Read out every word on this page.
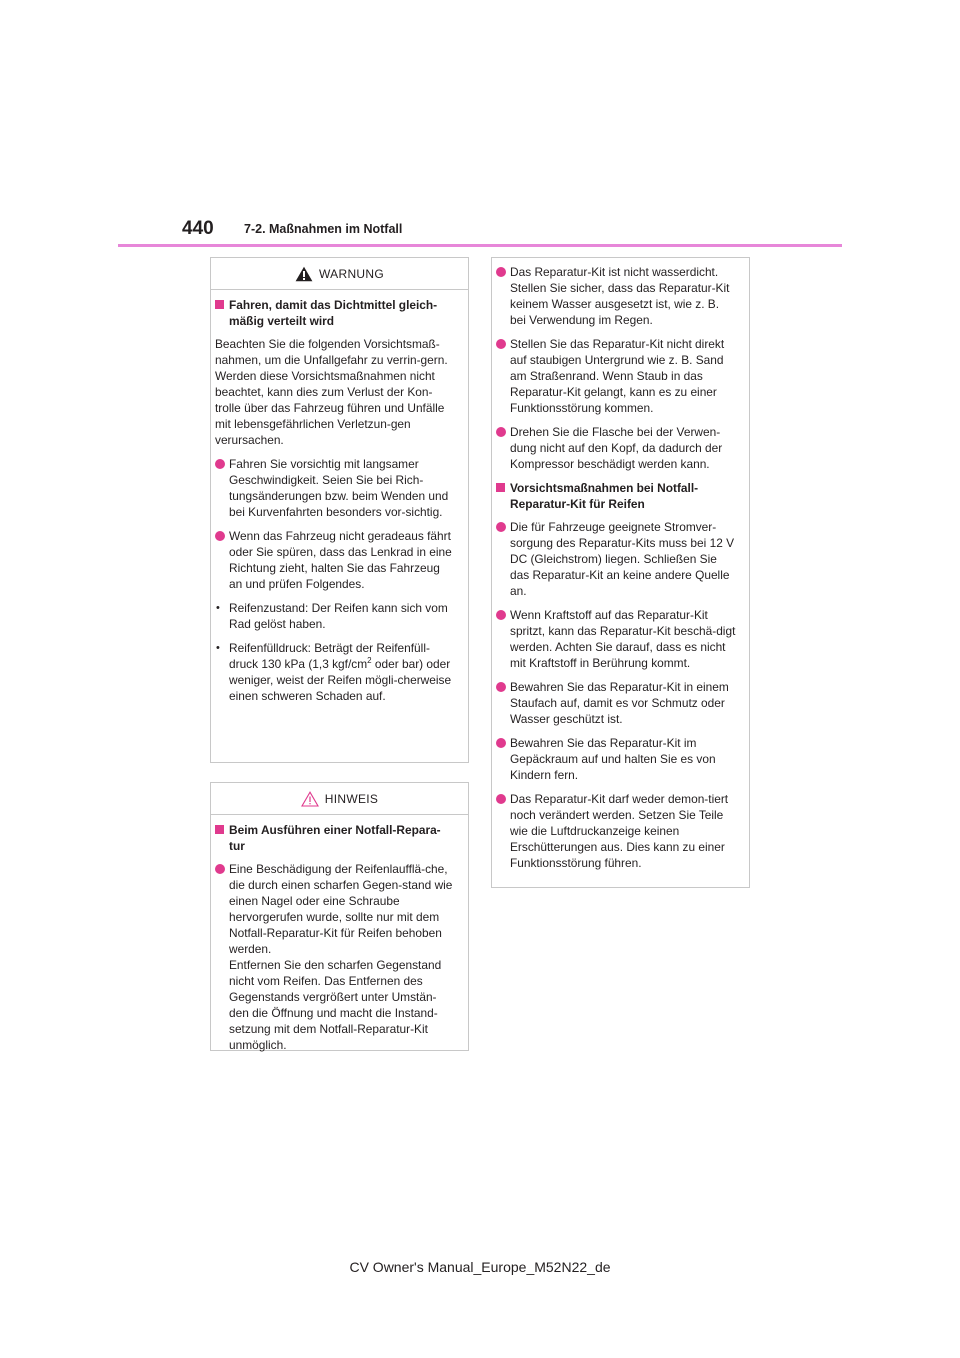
440 7-2. Maßnahmen im Notfall
WARNUNG
Fahren, damit das Dichtmittel gleich-mäßig verteilt wird
Beachten Sie die folgenden Vorsichtsmaß-nahmen, um die Unfallgefahr zu verrin-gern.
Werden diese Vorsichtsmaßnahmen nicht beachtet, kann dies zum Verlust der Kon-trolle über das Fahrzeug führen und Unfälle mit lebensgefährlichen Verletzun-gen verursachen.
Fahren Sie vorsichtig mit langsamer Geschwindigkeit. Seien Sie bei Rich-tungsänderungen bzw. beim Wenden und bei Kurvenfahrten besonders vor-sichtig.
Wenn das Fahrzeug nicht geradeaus fährt oder Sie spüren, dass das Lenkrad in eine Richtung zieht, halten Sie das Fahrzeug an und prüfen Folgendes.
• Reifenzustand: Der Reifen kann sich vom Rad gelöst haben.
• Reifenfülldruck: Beträgt der Reifenfüll-
druck 130 kPa (1,3 kgf/$cm^2$ oder bar) oder weniger, weist der Reifen mögli-cherweise einen schweren Schaden auf.
HINWEIS
Beim Ausführen einer Notfall-Repara-tur
Eine Beschädigung der Reifenlaufflä-che, die durch einen scharfen Gegen-stand wie einen Nagel oder eine Schraube hervorgerufen wurde, sollte nur mit dem Notfall-Reparatur-Kit für Reifen behoben werden.
Entfernen Sie den scharfen Gegenstand nicht vom Reifen. Das Entfernen des Gegenstands vergrößert unter Umstän-den die Öffnung und macht die Instand-setzung mit dem Notfall-Reparatur-Kit unmöglich.
Das Reparatur-Kit ist nicht wasserdicht. Stellen Sie sicher, dass das Reparatur-Kit keinem Wasser ausgesetzt ist, wie z. B. bei Verwendung im Regen.
Stellen Sie das Reparatur-Kit nicht direkt auf staubigen Untergrund wie z. B. Sand am Straßenrand. Wenn Staub in das Reparatur-Kit gelangt, kann es zu einer Funktionsstörung kommen.
Drehen Sie die Flasche bei der Verwen-dung nicht auf den Kopf, da dadurch der Kompressor beschädigt werden kann.
Vorsichtsmaßnahmen bei Notfall-Reparatur-Kit für Reifen
Die für Fahrzeuge geeignete Stromver-sorgung des Reparatur-Kits muss bei 12 V DC (Gleichstrom) liegen. Schließen Sie das Reparatur-Kit an keine andere Quelle an.
Wenn Kraftstoff auf das Reparatur-Kit spritzt, kann das Reparatur-Kit beschä-digt werden. Achten Sie darauf, dass es nicht mit Kraftstoff in Berührung kommt.
Bewahren Sie das Reparatur-Kit in einem Staufach auf, damit es vor Schmutz oder Wasser geschützt ist.
Bewahren Sie das Reparatur-Kit im Gepäckraum auf und halten Sie es von Kindern fern.
Das Reparatur-Kit darf weder demon-tiert noch verändert werden. Setzen Sie Teile wie die Luftdruckanzeige keinen Erschütterungen aus. Dies kann zu einer Funktionsstörung führen.
CV Owner's Manual_Europe_M52N22_de
